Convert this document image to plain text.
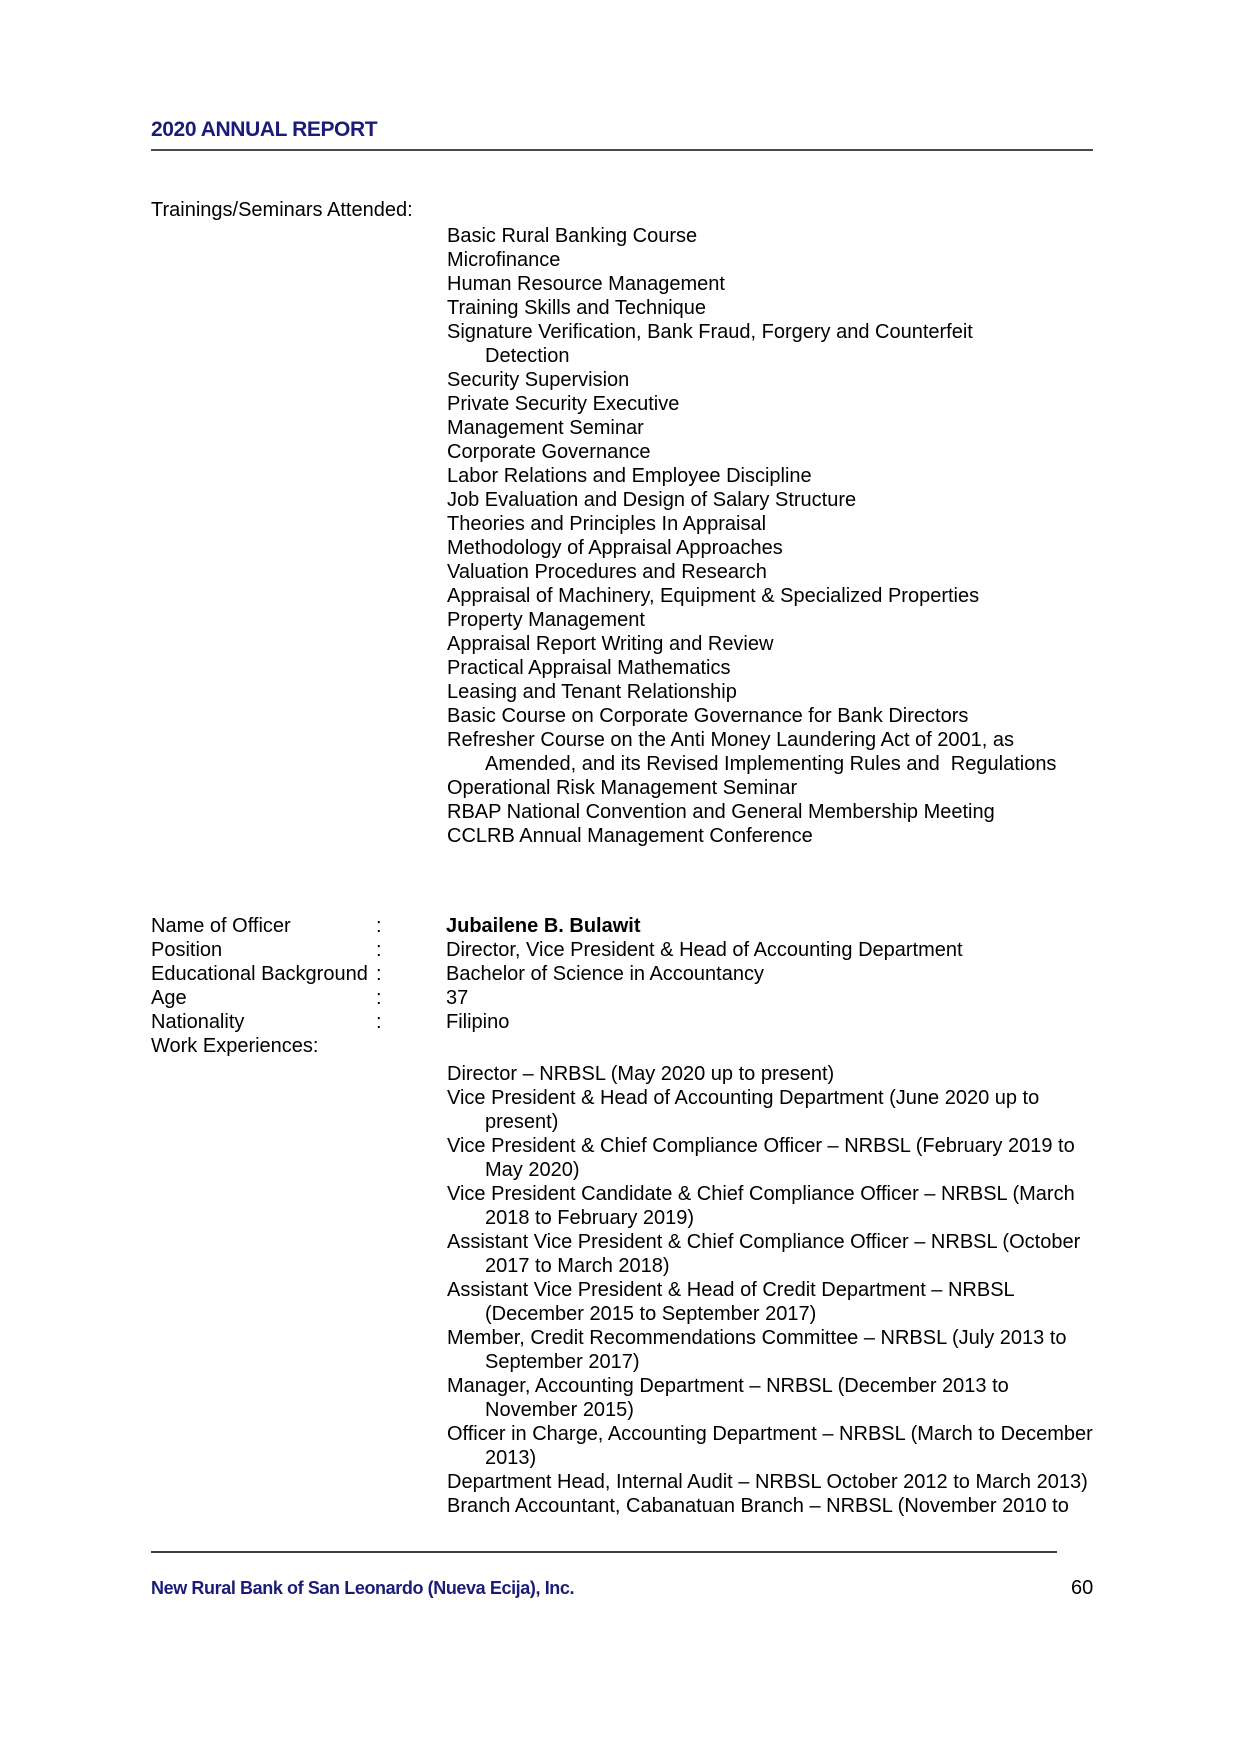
2020 ANNUAL REPORT
Trainings/Seminars Attended:
Basic Rural Banking Course
Microfinance
Human Resource Management
Training Skills and Technique
Signature Verification, Bank Fraud, Forgery and Counterfeit
Detection
Security Supervision
Private Security Executive
Management Seminar
Corporate Governance
Labor Relations and Employee Discipline
Job Evaluation and Design of Salary Structure
Theories and Principles In Appraisal
Methodology of Appraisal Approaches
Valuation Procedures and Research
Appraisal of Machinery, Equipment & Specialized Properties
Property Management
Appraisal Report Writing and Review
Practical Appraisal Mathematics
Leasing and Tenant Relationship
Basic Course on Corporate Governance for Bank Directors
Refresher Course on the Anti Money Laundering Act of 2001, as
Amended, and its Revised Implementing Rules and  Regulations
Operational Risk Management Seminar
RBAP National Convention and General Membership Meeting
CCLRB Annual Management Conference
Name of Officer	:	Jubailene B. Bulawit
Position	:	Director, Vice President & Head of Accounting Department
Educational Background :	Bachelor of Science in Accountancy
Age	:	37
Nationality	:	Filipino
Work Experiences:
Director – NRBSL (May 2020 up to present)
Vice President & Head of Accounting Department (June 2020 up to
present)
Vice President & Chief Compliance Officer – NRBSL (February 2019 to
May 2020)
Vice President Candidate & Chief Compliance Officer – NRBSL (March
2018 to February 2019)
Assistant Vice President & Chief Compliance Officer – NRBSL (October
2017 to March 2018)
Assistant Vice President & Head of Credit Department – NRBSL
(December 2015 to September 2017)
Member, Credit Recommendations Committee – NRBSL (July 2013 to
September 2017)
Manager, Accounting Department – NRBSL (December 2013 to
November 2015)
Officer in Charge, Accounting Department – NRBSL (March to December
2013)
Department Head, Internal Audit – NRBSL October 2012 to March 2013)
Branch Accountant, Cabanatuan Branch – NRBSL (November 2010 to
New Rural Bank of San Leonardo (Nueva Ecija), Inc.	60
